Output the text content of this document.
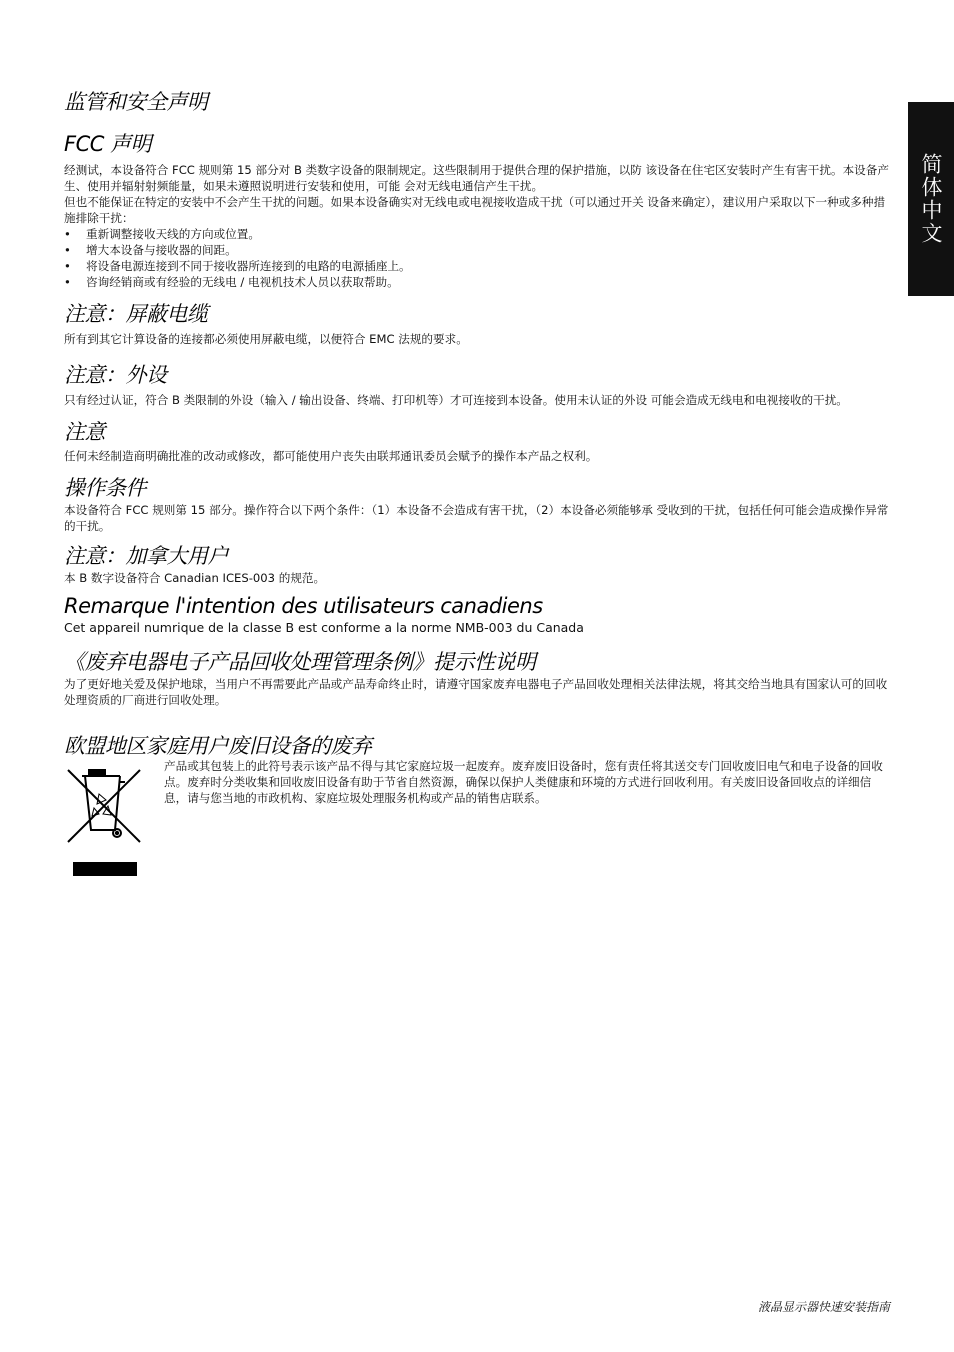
简体中文
监管和安全声明
FCC 声明

经测试，本设备符合 FCC 规则第 15 部分对 B 类数字设备的限制规定。这些限制用于提供合理的保护措施，以防 该设备在住宅区安装时产生有害干扰。本设备产生、使用并辐射射频能量，如果未遵照说明进行安装和使用，可能 会对无线电通信产生干扰。

但也不能保证在特定的安装中不会产生干扰的问题。如果本设备确实对无线电或电视接收造成干扰（可以通过开关 设备来确定），建议用户采取以下一种或多种措施排除干扰：

• 重新调整接收天线的方向或位置。
• 增大本设备与接收器的间距。
• 将设备电源连接到不同于接收器所连接到的电路的电源插座上。
• 咨询经销商或有经验的无线电 / 电视机技术人员以获取帮助。
注意：屏蔽电缆

所有到其它计算设备的连接都必须使用屏蔽电缆，以便符合 EMC 法规的要求。

注意：外设

只有经过认证，符合 B 类限制的外设（输入 / 输出设备、终端、打印机等）才可连接到本设备。使用未认证的外设 可能会造成无线电和电视接收的干扰。

注意

任何未经制造商明确批准的改动或修改，都可能使用户丧失由联邦通讯委员会赋予的操作本产品之权利。

操作条件

本设备符合 FCC 规则第 15 部分。操作符合以下两个条件：（1）本设备不会造成有害干扰，（2）本设备必须能够承 受收到的干扰，包括任何可能会造成操作异常的干扰。

注意：加拿大用户

本 B 数字设备符合 Canadian ICES-003 的规范。

Remarque l'intention des utilisateurs canadiens

Cet appareil numrique de la classe B est conforme a la norme NMB-003 du Canada

《废弃电器电子产品回收处理管理条例》提示性说明

为了更好地关爱及保护地球，当用户不再需要此产品或产品寿命终止时，请遵守国家废弃电器电子产品回收处理相关法律法规，将其交给当地具有国家认可的回收处理资质的厂商进行回收处理。

欧盟地区家庭用户废旧设备的废弃

产品或其包装上的此符号表示该产品不得与其它家庭垃圾一起废弃。废弃废旧设备时，您有责任将其送交专门回收废旧电气和电子设备的回收点。废弃时分类收集和回收废旧设备有助于节省自然资源，确保以保护人类健康和环境的方式进行回收利用。有关废旧设备回收点的详细信息，请与您当地的市政机构、家庭垃圾处理服务机构或产品的销售店联系。

液晶显示器快速安装指南
